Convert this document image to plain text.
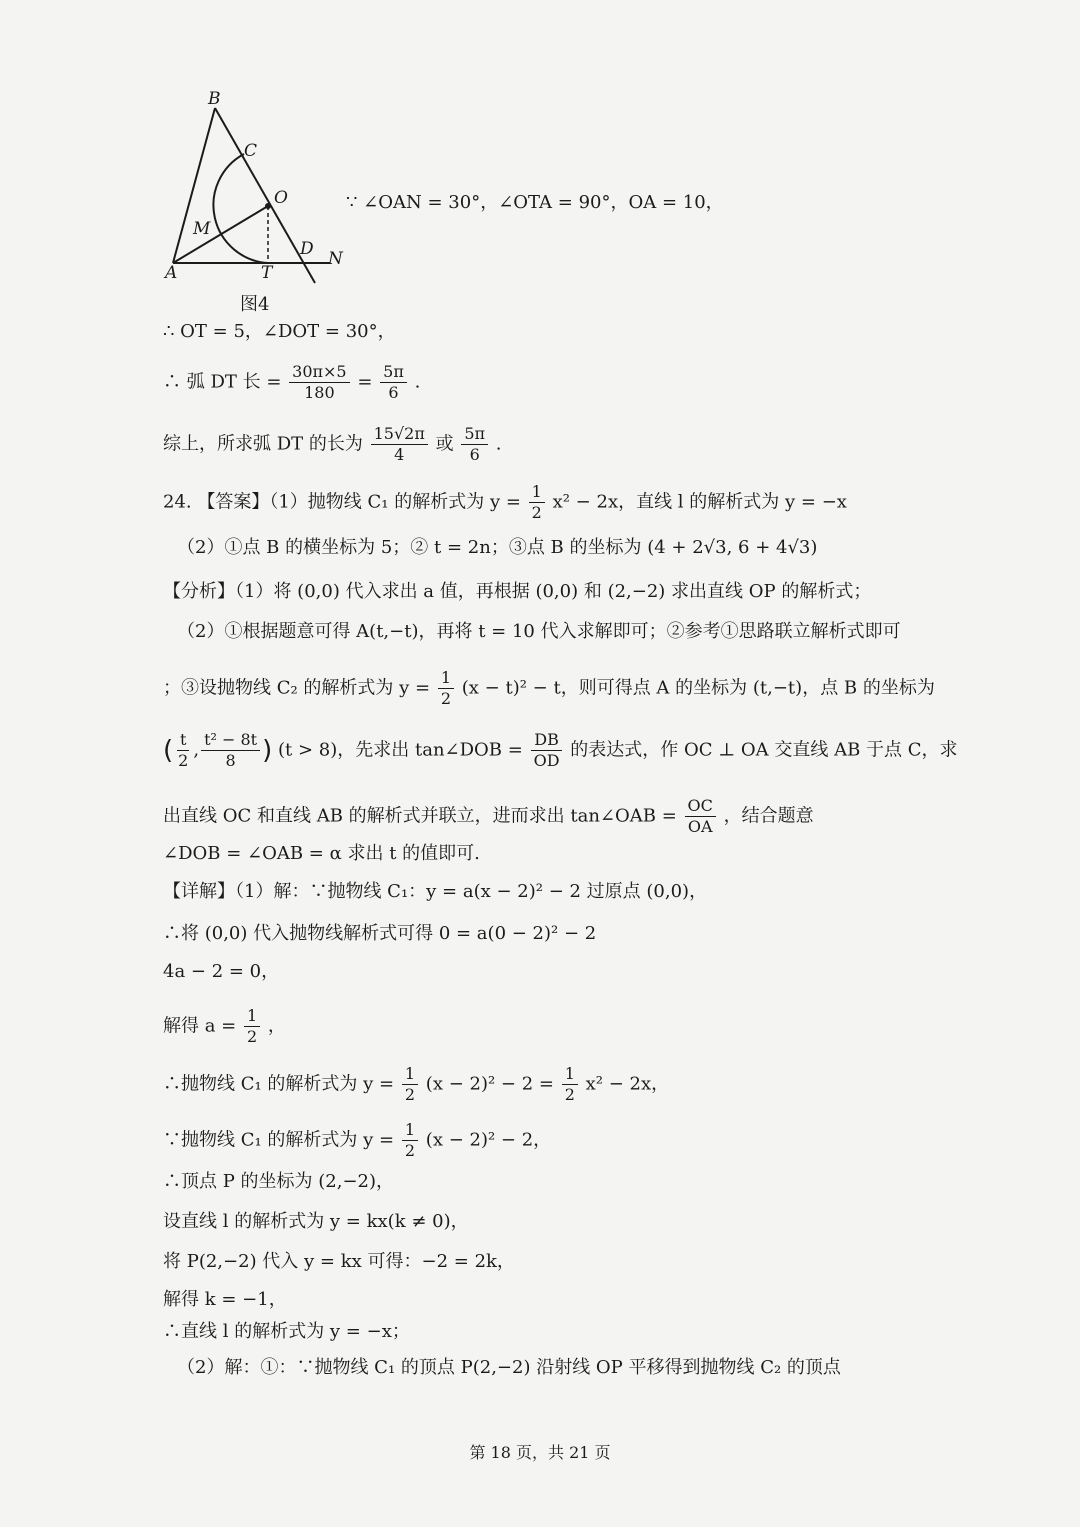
B
C
O
M
D N
A	T
图4
∵ ∠OAN = 30°，∠OTA = 90°，OA = 10，
∴ OT = 5，∠DOT = 30°，
∴ 弧 DT 长 = $\frac{30\pi\times 5}{180} = \frac{5\pi}{6}$ .
综上，所求弧 DT 的长为 $\frac{15√2\pi}{4}$ 或 $\frac{5\pi}{6}$ .
24. 【答案】（1）抛物线 C₁ 的解析式为 $y = \frac{1}{2} x^2 - 2x$，直线 l 的解析式为 y = −x
（2）①点 B 的横坐标为 5；② t = 2n；③点 B 的坐标为 (4 + 2√3, 6 + 4√3)
【分析】（1）将 (0,0) 代入求出 a 值，再根据 (0,0) 和 (2,−2) 求出直线 OP 的解析式；
（2）①根据题意可得 A(t,−t)，再将 t = 10 代入求解即可；②参考①思路联立解析式即可
；③设抛物线 C₂ 的解析式为 $y = \frac{1}{2} (x - t)^2 - t$，则可得点 A 的坐标为 (t,−t)，点 B 的坐标为
( $\frac{t}{2}$ , $\frac{\text{t² − 8t}}{8}$ ) (t > 8)，先求出 tan∠DOB = $\frac{DB}{OD}$ 的表达式，作 OC ⊥ OA 交直线 AB 于点 C，求
出直线 OC 和直线 AB 的解析式并联立，进而求出 tan∠OAB = $\frac{OC}{OA}$ ，结合题意
∠DOB = ∠OAB = α 求出 t 的值即可.
【详解】（1）解：∵抛物线 C₁：y = a(x − 2)² − 2 过原点 (0,0)，
∴将 (0,0) 代入抛物线解析式可得 0 = a(0 − 2)² − 2
4a − 2 = 0，
解得 $a = \frac{1}{2}$ ，
∴抛物线 C₁ 的解析式为 $y = \frac{1}{2} (x - 2)^2 - 2 = \frac{1}{2} x^2 - 2x$，
∵抛物线 C₁ 的解析式为 $y = \frac{1}{2} (x - 2)^2 - 2$，
∴顶点 P 的坐标为 (2,−2)，
设直线 l 的解析式为 y = kx(k ≠ 0)，
将 P(2,−2) 代入 y = kx 可得：−2 = 2k，
解得 k = −1，
∴直线 l 的解析式为 y = −x；
（2）解：①：∵抛物线 C₁ 的顶点 P(2,−2) 沿射线 OP 平移得到抛物线 C₂ 的顶点
第 18 页，共 21 页
